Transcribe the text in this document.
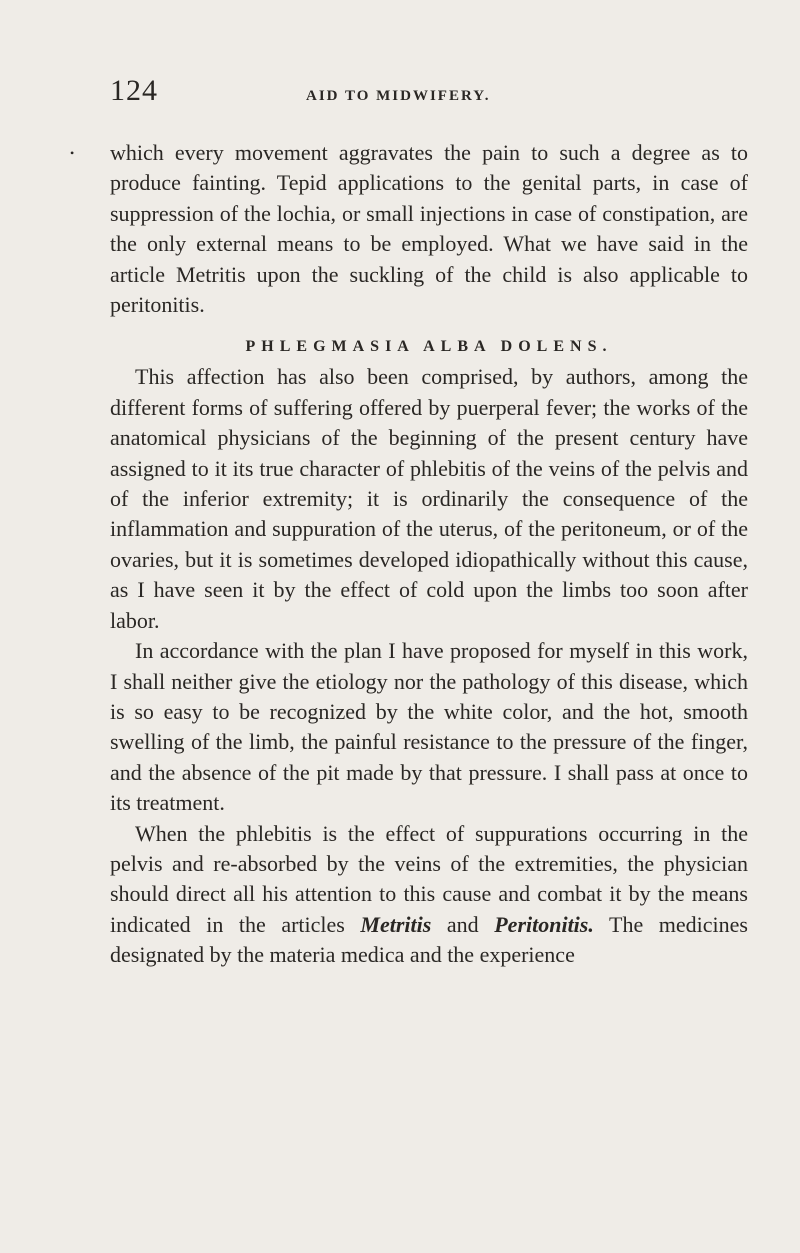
•
124	AID TO MIDWIFERY.

which every movement aggravates the pain to such a degree as to produce fainting. Tepid applications to the genital parts, in case of suppression of the lochia, or small injections in case of constipation, are the only external means to be employed. What we have said in the article Metritis upon the suckling of the child is also applicable to peritonitis.

PHLEGMASIA ALBA DOLENS.

This affection has also been comprised, by authors, among the different forms of suffering offered by puerperal fever; the works of the anatomical physicians of the beginning of the present century have assigned to it its true character of phlebitis of the veins of the pelvis and of the inferior extremity; it is ordinarily the consequence of the inflammation and suppuration of the uterus, of the peritoneum, or of the ovaries, but it is sometimes developed idiopathically without this cause, as I have seen it by the effect of cold upon the limbs too soon after labor.

In accordance with the plan I have proposed for myself in this work, I shall neither give the etiology nor the pathology of this disease, which is so easy to be recognized by the white color, and the hot, smooth swelling of the limb, the painful resistance to the pressure of the finger, and the absence of the pit made by that pressure. I shall pass at once to its treatment.

When the phlebitis is the effect of suppurations occurring in the pelvis and re-absorbed by the veins of the extremities, the physician should direct all his attention to this cause and combat it by the means indicated in the articles Metritis and Peritonitis. The medicines designated by the materia medica and the experience
